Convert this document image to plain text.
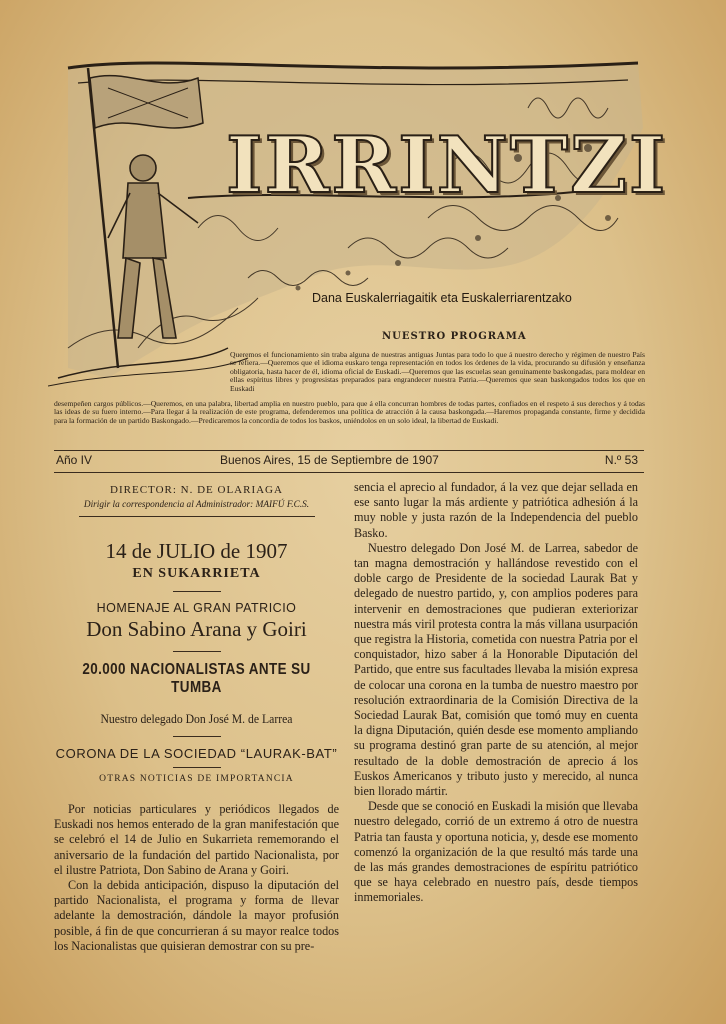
IRRINTZI
Dana Euskalerriagaitik eta Euskalerriarentzako
NUESTRO PROGRAMA
Queremos el funcionamiento sin traba alguna de nuestras antiguas Juntas para todo lo que á nuestro derecho y régimen de nuestro País se refiera.—Queremos que el idioma euskaro tenga representación en todos los órdenes de la vida, procurando su difusión y enseñanza obligatoria, hasta hacer de él, idioma oficial de Euskadi.—Queremos que las escuelas sean genuinamente baskongadas, para moldear en ellas espíritus libres y progresistas preparados para engrandecer nuestra Patria.—Queremos que sean baskongados todos los que en Euskadi
desempeñen cargos públicos.—Queremos, en una palabra, libertad amplia en nuestro pueblo, para que á ella concurran hombres de todas partes, confiados en el respeto á sus derechos y á todas las ideas de su fuero interno.—Para llegar á la realización de este programa, defenderemos una política de atracción á la causa baskongada.—Haremos propaganda constante, firme y decidida para la formación de un partido Baskongado.—Predicaremos la concordia de todos los baskos, uniéndolos en un solo ideal, la libertad de Euskadi.
Año IV	Buenos Aires, 15 de Septiembre de 1907	N.º 53
DIRECTOR: N. DE OLARIAGA
Dirigir la correspondencia al Administrador: MAIFÚ F.C.S.
14 de JULIO de 1907
EN SUKARRIETA
HOMENAJE AL GRAN PATRICIO
Don Sabino Arana y Goiri
20.000 NACIONALISTAS ANTE SU TUMBA
Nuestro delegado Don José M. de Larrea
CORONA DE LA SOCIEDAD “LAURAK-BAT”
OTRAS NOTICIAS DE IMPORTANCIA

Por noticias particulares y periódicos llegados de Euskadi nos hemos enterado de la gran manifestación que se celebró el 14 de Julio en Sukarrieta rememorando el aniversario de la fundación del partido Nacionalista, por el ilustre Patriota, Don Sabino de Arana y Goiri.

Con la debida anticipación, dispuso la diputación del partido Nacionalista, el programa y forma de llevar adelante la demostración, dándole la mayor profusión posible, á fin de que concurrieran á su mayor realce todos los Nacionalistas que quisieran demostrar con su pre-

sencia el aprecio al fundador, á la vez que dejar sellada en ese santo lugar la más ardiente y patriótica adhesión á la muy noble y justa razón de la Independencia del pueblo Basko.

Nuestro delegado Don José M. de Larrea, sabedor de tan magna demostración y hallándose revestido con el doble cargo de Presidente de la sociedad Laurak Bat y delegado de nuestro partido, y, con amplios poderes para intervenir en demostraciones que pudieran exteriorizar nuestra más viril protesta contra la más villana usurpación que registra la Historia, cometida con nuestra Patria por el conquistador, hizo saber á la Honorable Diputación del Partido, que entre sus facultades llevaba la misión expresa de colocar una corona en la tumba de nuestro maestro por resolución extraordinaria de la Comisión Directiva de la Sociedad Laurak Bat, comisión que tomó muy en cuenta la digna Diputación, quién desde ese momento ampliando su programa destinó gran parte de su atención, al mejor resultado de la doble demostración de aprecio á los Euskos Americanos y tributo justo y merecido, al nunca bien llorado mártir.

Desde que se conoció en Euskadi la misión que llevaba nuestro delegado, corrió de un extremo á otro de nuestra Patria tan fausta y oportuna noticia, y, desde ese momento comenzó la organización de la que resultó más tarde una de las más grandes demostraciones de espíritu patriótico que se haya celebrado en nuestro país, desde tiempos inmemoriales.
